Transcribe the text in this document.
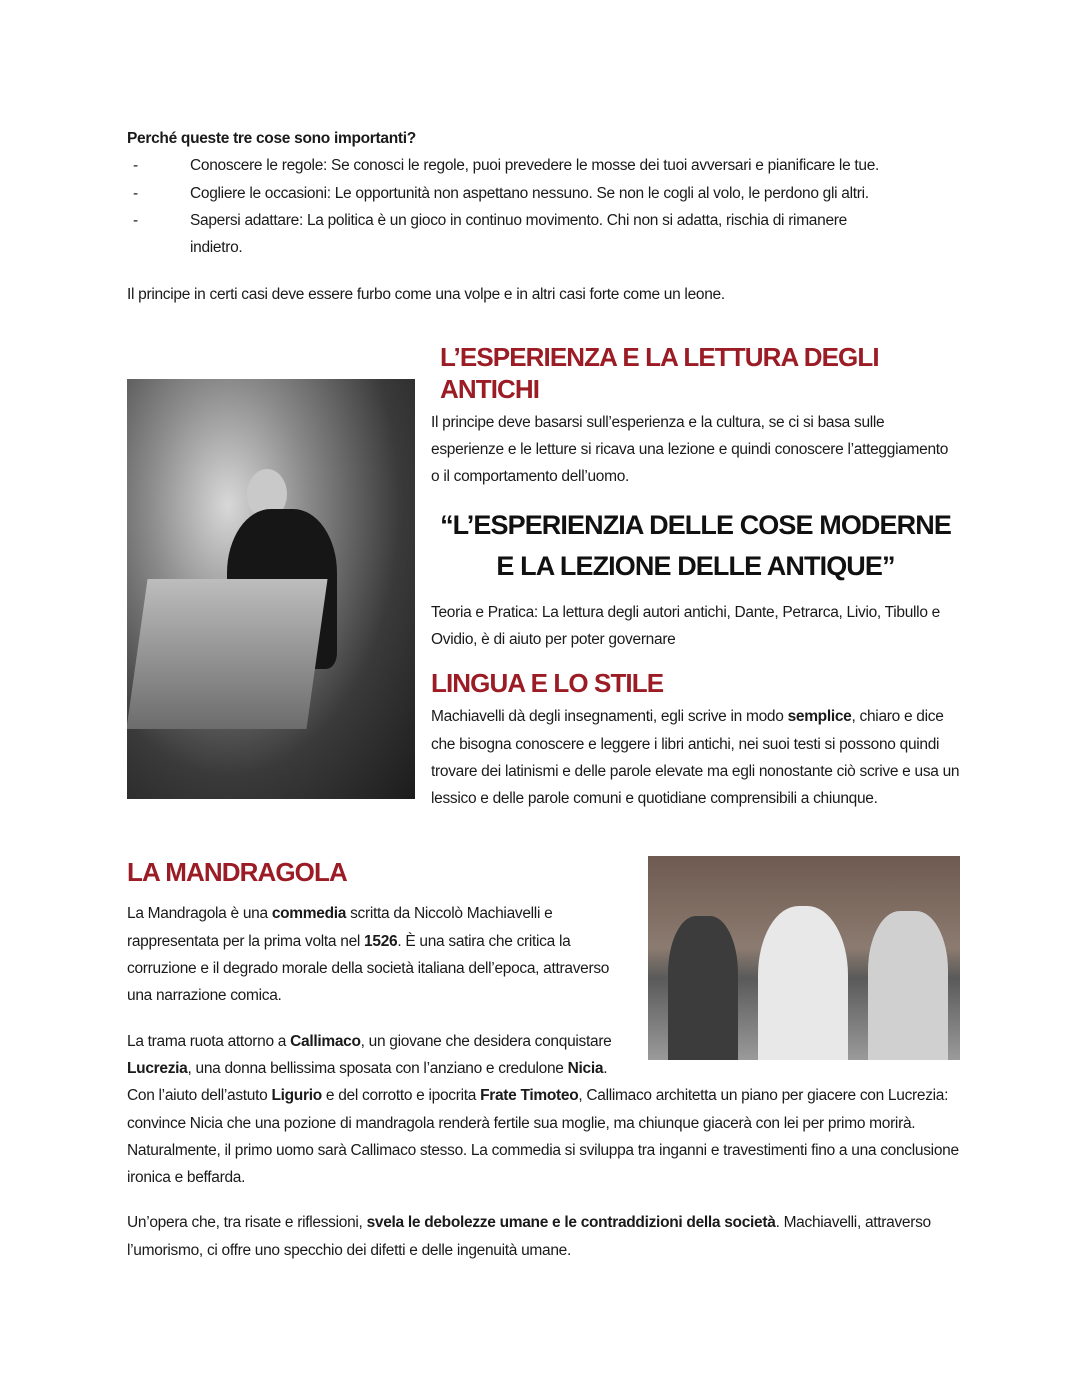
Perché queste tre cose sono importanti?
-	Conoscere le regole: Se conosci le regole, puoi prevedere le mosse dei tuoi avversari e pianificare le tue.
-	Cogliere le occasioni: Le opportunità non aspettano nessuno. Se non le cogli al volo, le perdono gli altri.
-	Sapersi adattare: La politica è un gioco in continuo movimento. Chi non si adatta, rischia di rimanere indietro.
Il principe in certi casi deve essere furbo come una volpe e in altri casi forte come un leone.
L’ESPERIENZA E LA LETTURA DEGLI ANTICHI
Il principe deve basarsi sull’esperienza e la cultura, se ci si basa sulle esperienze e le letture si ricava una lezione e quindi conoscere l’atteggiamento o il comportamento dell’uomo.
“L’ESPERIENZIA DELLE COSE MODERNE E LA LEZIONE DELLE ANTIQUE”
Teoria e Pratica: La lettura degli autori antichi, Dante, Petrarca, Livio, Tibullo e Ovidio, è di aiuto per poter governare
LINGUA E LO STILE
Machiavelli dà degli insegnamenti, egli scrive in modo semplice, chiaro e dice che bisogna conoscere e leggere i libri antichi, nei suoi testi si possono quindi trovare dei latinismi e delle parole elevate ma egli nonostante ciò scrive e usa un lessico e delle parole comuni e quotidiane comprensibili a chiunque.
LA MANDRAGOLA

La Mandragola è una commedia scritta da Niccolò Machiavelli e rappresentata per la prima volta nel 1526. È una satira che critica la corruzione e il degrado morale della società italiana dell’epoca, attraverso una narrazione comica.

La trama ruota attorno a Callimaco, un giovane che desidera conquistare Lucrezia, una donna bellissima sposata con l’anziano e credulone Nicia. Con l’aiuto dell’astuto Ligurio e del corrotto e ipocrita Frate Timoteo, Callimaco architetta un piano per giacere con Lucrezia: convince Nicia che una pozione di mandragola renderà fertile sua moglie, ma chiunque giacerà con lei per primo morirà. Naturalmente, il primo uomo sarà Callimaco stesso. La commedia si sviluppa tra inganni e travestimenti fino a una conclusione ironica e beffarda.

Un’opera che, tra risate e riflessioni, svela le debolezze umane e le contraddizioni della società. Machiavelli, attraverso l’umorismo, ci offre uno specchio dei difetti e delle ingenuità umane.
